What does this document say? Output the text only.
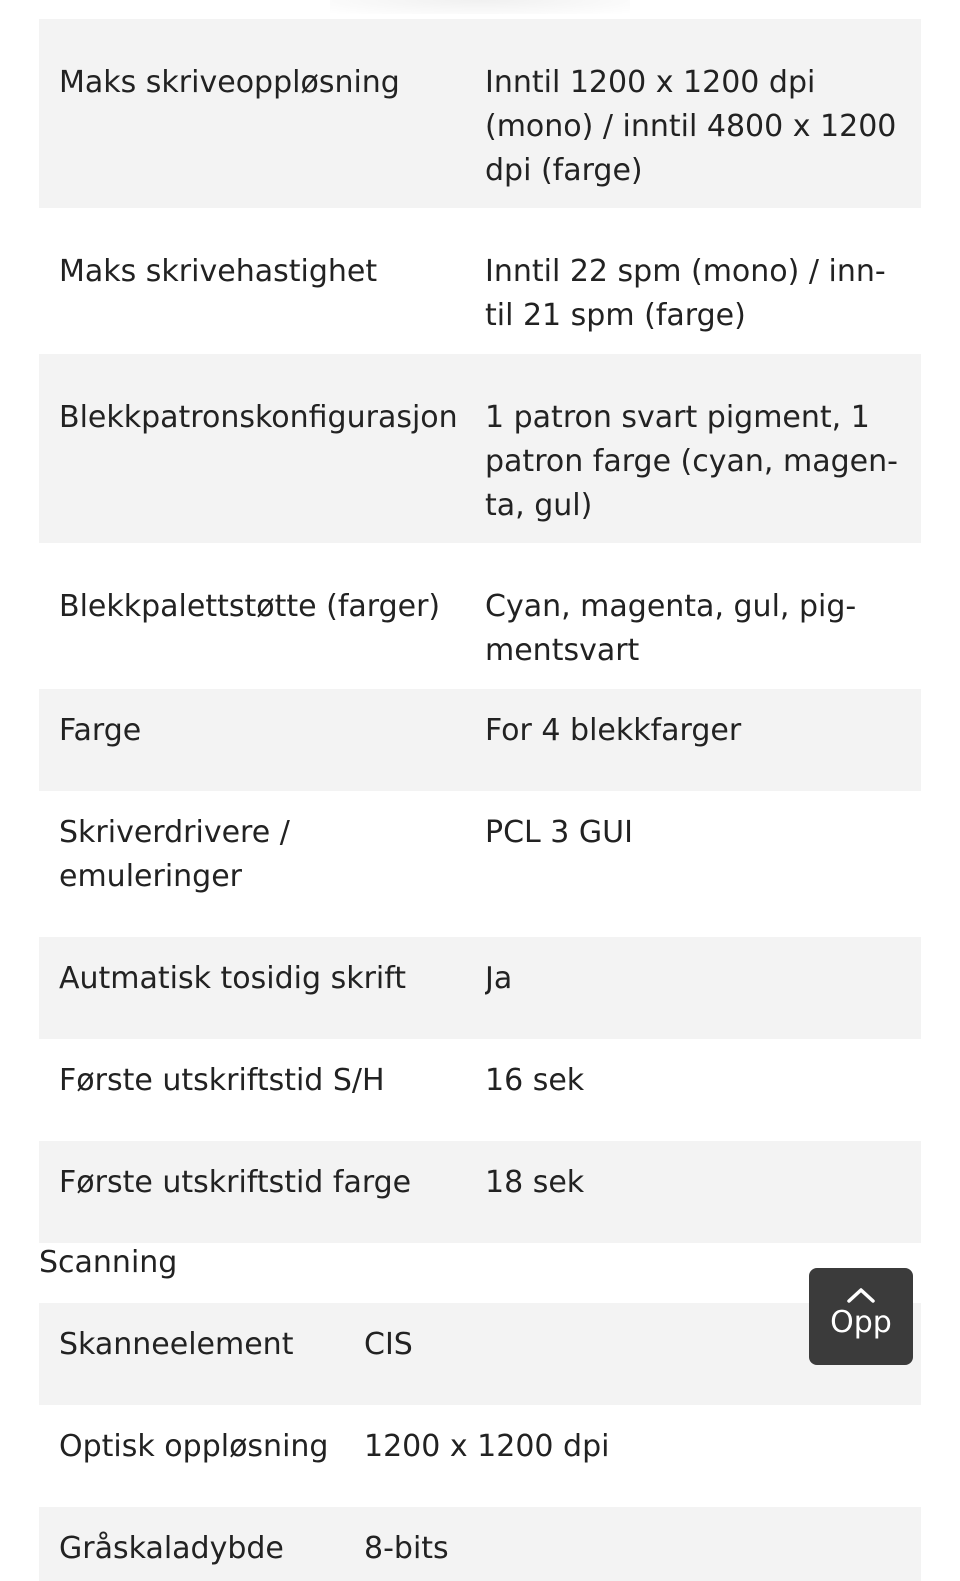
Maks skriveoppløsning	Inntil 1200 x 1200 dpi (mono) / inntil 4800 x 1200 dpi (farge)
Maks skrivehastighet	Inntil 22 spm (mono) / inntil 21 spm (farge)
Blekkpatronskonfigurasjon	1 patron svart pigment, 1 patron farge (cyan, magenta, gul)
Blekkpalettstøtte (farger)	Cyan, magenta, gul, pigmentsvart
Farge	For 4 blekkfarger
Skriverdrivere / emuleringer	PCL 3 GUI
Autmatisk tosidig skrift	Ja
Første utskriftstid S/H	16 sek
Første utskriftstid farge	18 sek
Scanning
Skanneelement	CIS
Optisk oppløsning	1200 x 1200 dpi
Gråskaladybde	8-bits
Opp
